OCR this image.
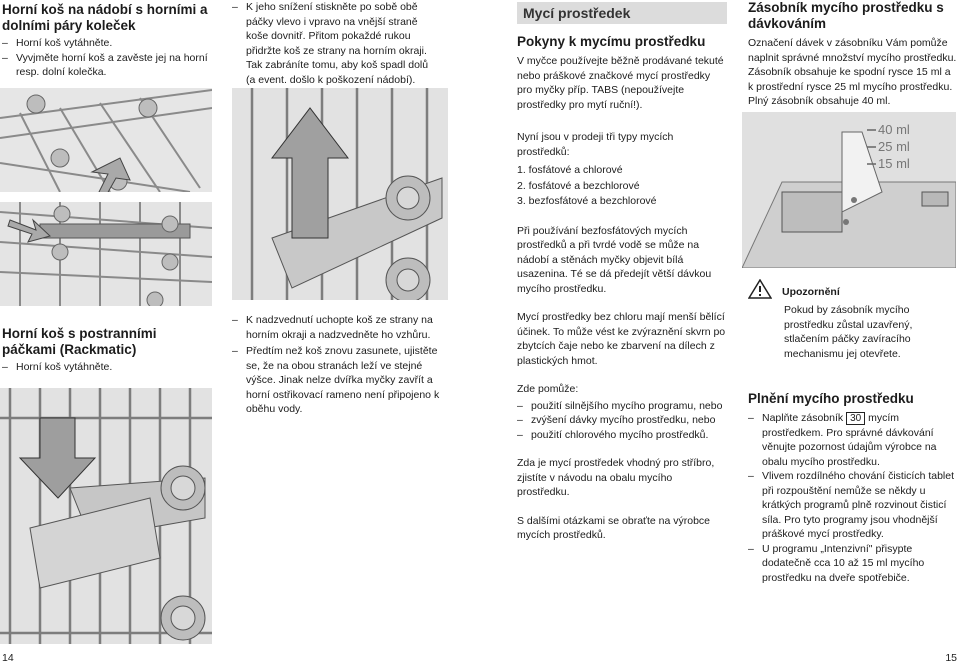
Horní koš na nádobí s horními a dolními páry koleček

– Horní koš vytáhněte.
– Vyvjměte horní koš a zavěste jej na horní resp. dolní kolečka.

Horní koš s postranními páčkami (Rackmatic)

– Horní koš vytáhněte.
– K jeho snížení stiskněte po sobě obě páčky vlevo i vpravo na vnější straně koše dovnitř. Přitom pokaždé rukou přidržte koš ze strany na horním okraji. Tak zabráníte tomu, aby koš spadl dolů (a event. došlo k poškození nádobí).
– K nadzvednutí uchopte koš ze strany na horním okraji a nadzvedněte ho vzhůru.
– Předtím než koš znovu zasunete, ujistěte se, že na obou stranách leží ve stejné výšce. Jinak nelze dvířka myčky zavřít a horní ostřikovací rameno není připojeno k oběhu vody.
Mycí prostředek

Pokyny k mycímu prostředku

V myčce používejte běžně prodávané tekuté nebo práškové značkové mycí prostředky pro myčky příp. TABS (nepoužívejte prostředky pro mytí ruční!).

Nyní jsou v prodeji tři typy mycích prostředků:

1. fosfátové a chlorové
2. fosfátové a bezchlorové
3. bezfosfátové a bezchlorové

Při používání bezfosfátových mycích prostředků a při tvrdé vodě se může na nádobí a stěnách myčky objevit bílá usazenina. Té se dá předejít větší dávkou mycího prostředku.

Mycí prostředky bez chloru mají menší bělící účinek. To může vést ke zvýraznění skvrn po zbytcích čaje nebo ke zbarvení na dílech z plastických hmot.

Zde pomůže:

– použití silnějšího mycího programu, nebo
– zvýšení dávky mycího prostředku, nebo
– použití chlorového mycího prostředků.

Zda je mycí prostředek vhodný pro stříbro, zjistíte v návodu na obalu mycího prostředku.

S dalšími otázkami se obraťte na výrobce mycích prostředků.

Zásobník mycího prostředku s dávkováním

Označení dávek v zásobníku Vám pomůže naplnit správné množství mycího prostředku. Zásobník obsahuje ke spodní rysce 15 ml a k prostřední rysce 25 ml mycího prostředku. Plný zásobník obsahuje 40 ml.

40 ml
25 ml
15 ml
Upozornění

Pokud by zásobník mycího prostředku zůstal uzavřený, stlačením páčky zavíracího mechanismu jej otevřete.

Plnění mycího prostředku

– Naplňte zásobník 30 mycím prostředkem. Pro správné dávkování věnujte pozornost údajům výrobce na obalu mycího prostředku.
– Vlivem rozdílného chování čisticích tablet při rozpouštění nemůže se někdy u krátkých programů plně rozvinout čisticí síla. Pro tyto programy jsou vhodnější práškové mycí prostředky.
– U programu „Intenzivní" přisypte dodatečně cca 10 až 15 ml mycího prostředku na dveře spotřebiče.
14	15
